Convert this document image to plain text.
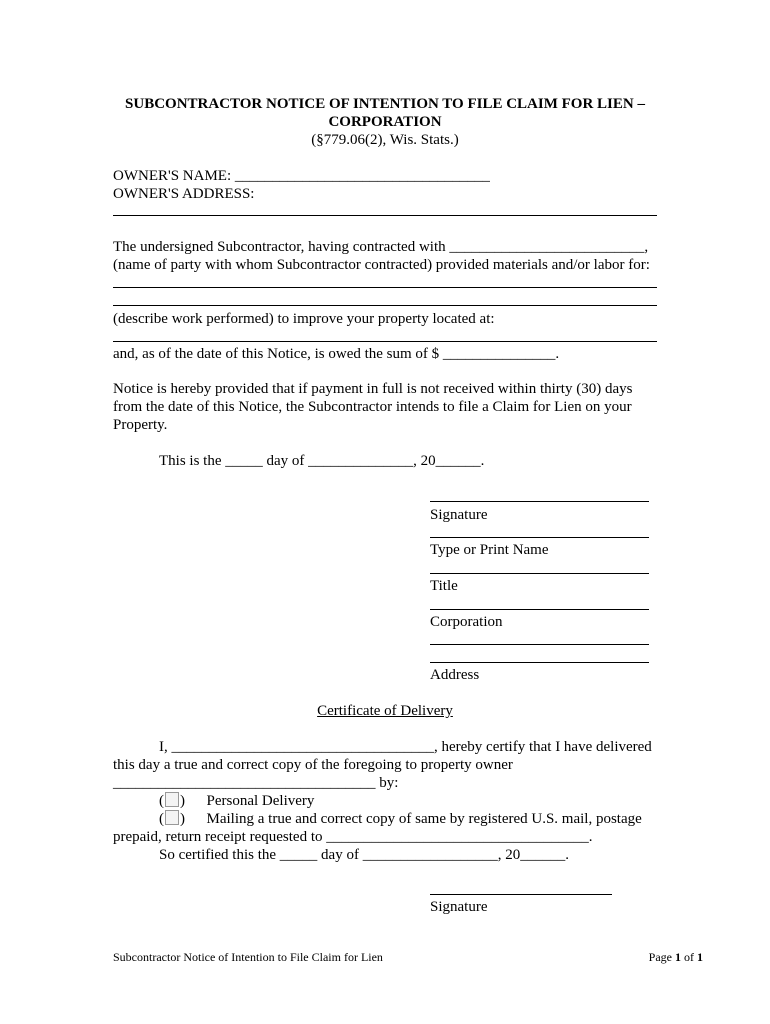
SUBCONTRACTOR NOTICE OF INTENTION TO FILE CLAIM FOR LIEN –
CORPORATION
(§779.06(2), Wis. Stats.)
OWNER'S NAME: __________________________________
OWNER'S ADDRESS:
The undersigned Subcontractor, having contracted with __________________________,
(name of party with whom Subcontractor contracted) provided materials and/or labor for:
(describe work performed) to improve your property located at:
and, as of the date of this Notice, is owed the sum of $ _______________.
Notice is hereby provided that if payment in full is not received within thirty (30) days
from the date of this Notice, the Subcontractor intends to file a Claim for Lien on your
Property.
This is the _____ day of ______________, 20______.
Signature
Type or Print Name
Title
Corporation
Address
Certificate of Delivery
I, ___________________________________, hereby certify that I have delivered
this day a true and correct copy of the foregoing to property owner
___________________________________ by:
( ) Personal Delivery
( ) Mailing a true and correct copy of same by registered U.S. mail, postage
prepaid, return receipt requested to ___________________________________.
So certified this the _____ day of __________________, 20______.
Signature
Subcontractor Notice of Intention to File Claim for Lien	Page 1 of 1
